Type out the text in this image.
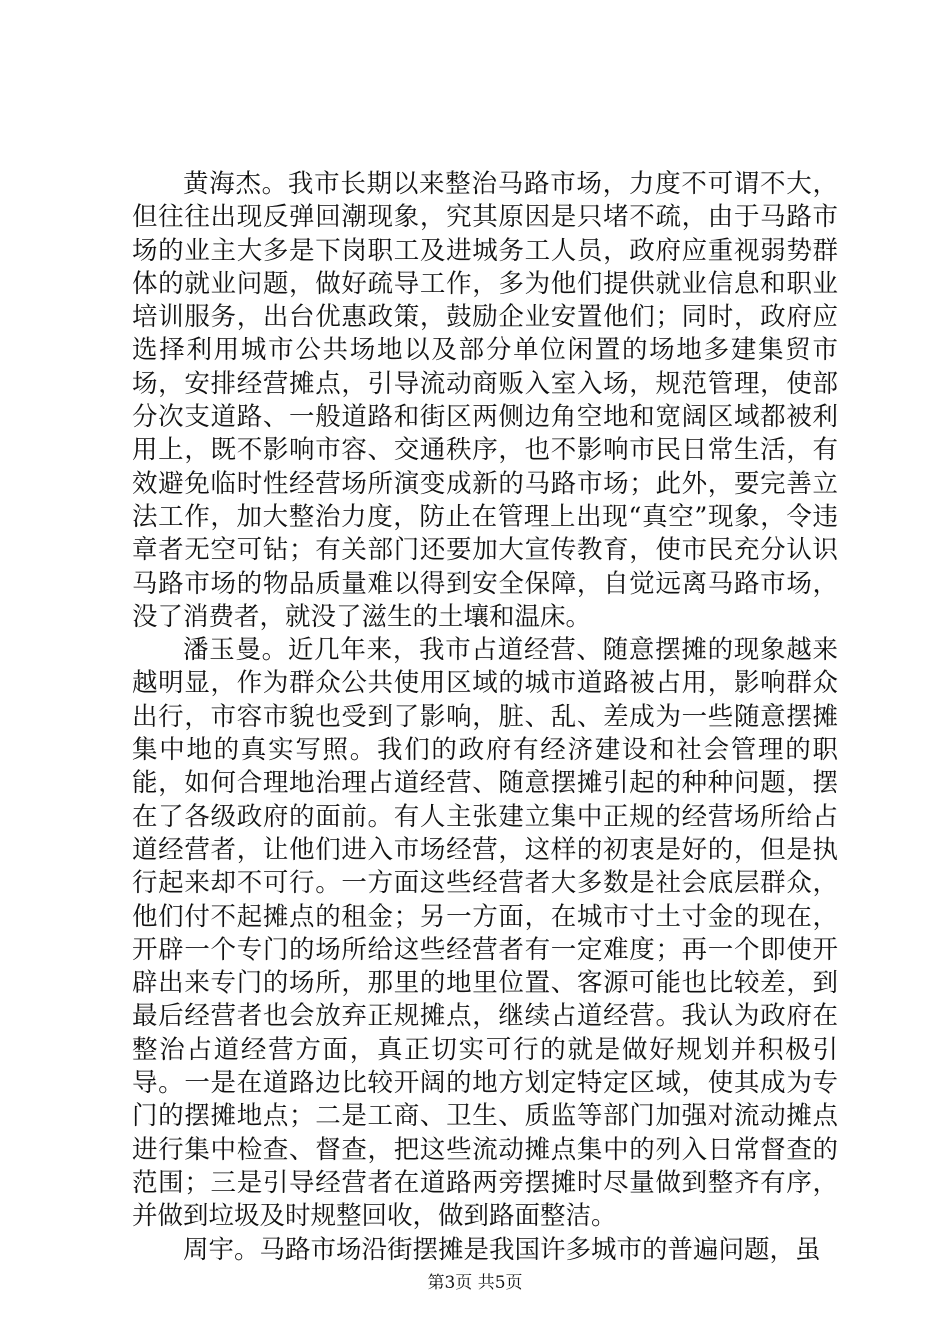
黄海杰。我市长期以来整治马路市场，力度不可谓不大，但往往出现反弹回潮现象，究其原因是只堵不疏，由于马路市场的业主大多是下岗职工及进城务工人员，政府应重视弱势群体的就业问题，做好疏导工作，多为他们提供就业信息和职业培训服务，出台优惠政策，鼓励企业安置他们；同时，政府应选择利用城市公共场地以及部分单位闲置的场地多建集贸市场，安排经营摊点，引导流动商贩入室入场，规范管理，使部分次支道路、一般道路和街区两侧边角空地和宽阔区域都被利用上，既不影响市容、交通秩序，也不影响市民日常生活，有效避免临时性经营场所演变成新的马路市场；此外，要完善立法工作，加大整治力度，防止在管理上出现“真空”现象，令违章者无空可钻；有关部门还要加大宣传教育，使市民充分认识马路市场的物品质量难以得到安全保障，自觉远离马路市场，没了消费者，就没了滋生的土壤和温床。

潘玉曼。近几年来，我市占道经营、随意摆摊的现象越来越明显，作为群众公共使用区域的城市道路被占用，影响群众出行，市容市貌也受到了影响，脏、乱、差成为一些随意摆摊集中地的真实写照。我们的政府有经济建设和社会管理的职能，如何合理地治理占道经营、随意摆摊引起的种种问题，摆在了各级政府的面前。有人主张建立集中正规的经营场所给占道经营者，让他们进入市场经营，这样的初衷是好的，但是执行起来却不可行。一方面这些经营者大多数是社会底层群众，他们付不起摊点的租金；另一方面，在城市寸土寸金的现在，开辟一个专门的场所给这些经营者有一定难度；再一个即使开辟出来专门的场所，那里的地里位置、客源可能也比较差，到最后经营者也会放弃正规摊点，继续占道经营。我认为政府在整治占道经营方面，真正切实可行的就是做好规划并积极引导。一是在道路边比较开阔的地方划定特定区域，使其成为专门的摆摊地点；二是工商、卫生、质监等部门加强对流动摊点进行集中检查、督查，把这些流动摊点集中的列入日常督查的范围；三是引导经营者在道路两旁摆摊时尽量做到整齐有序，并做到垃圾及时规整回收，做到路面整洁。

周宇。马路市场沿街摆摊是我国许多城市的普遍问题，虽

第3页 共5页
